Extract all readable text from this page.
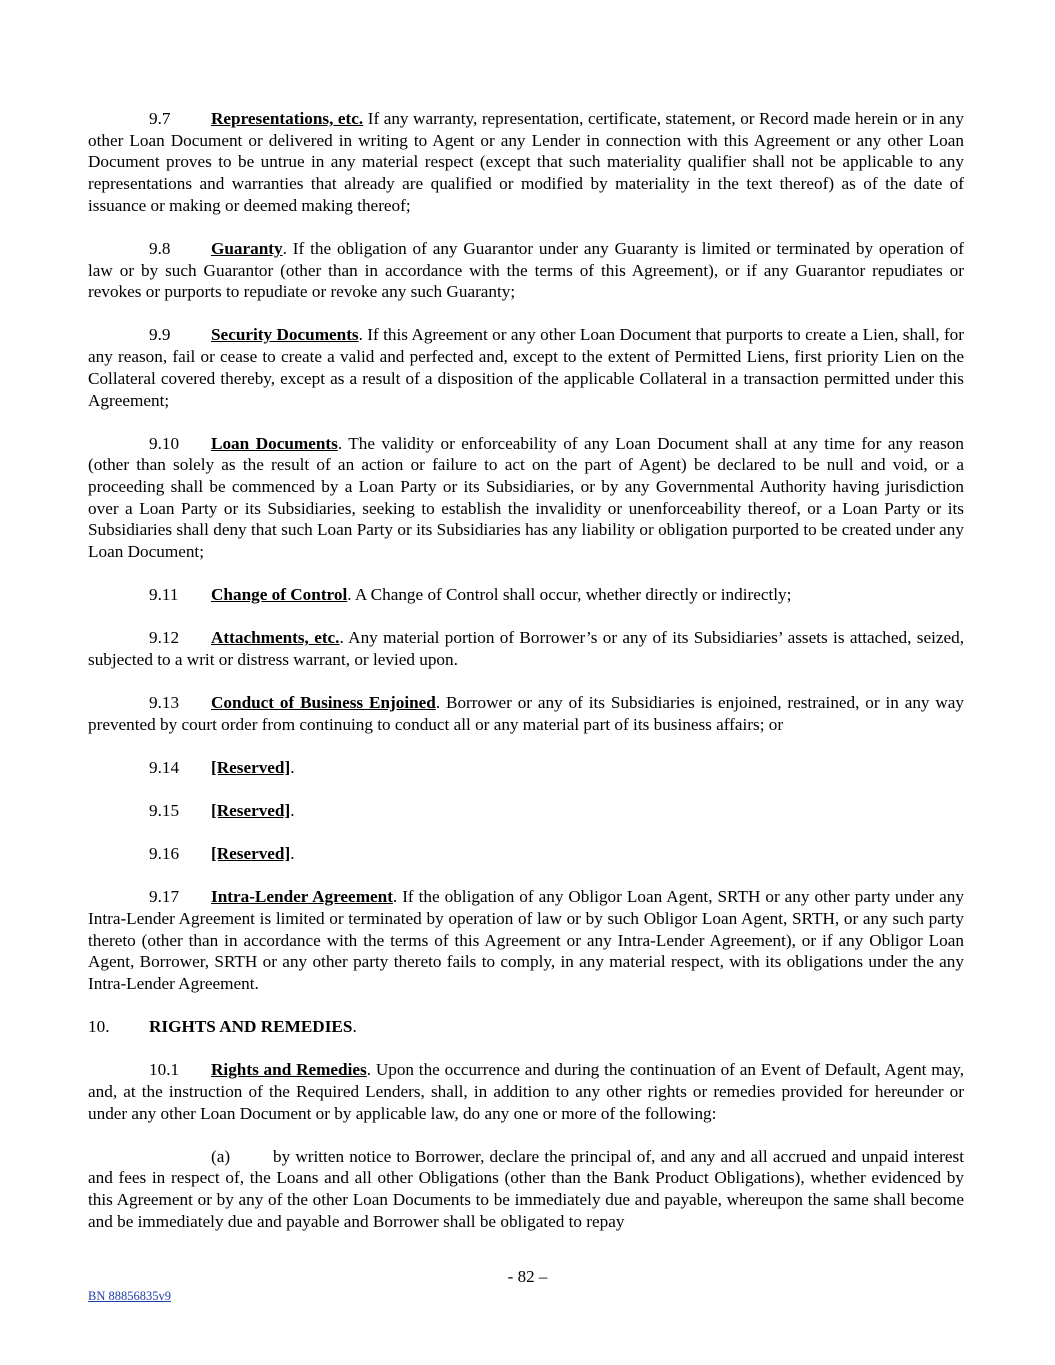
9.7 Representations, etc. If any warranty, representation, certificate, statement, or Record made herein or in any other Loan Document or delivered in writing to Agent or any Lender in connection with this Agreement or any other Loan Document proves to be untrue in any material respect (except that such materiality qualifier shall not be applicable to any representations and warranties that already are qualified or modified by materiality in the text thereof) as of the date of issuance or making or deemed making thereof;

9.8 Guaranty. If the obligation of any Guarantor under any Guaranty is limited or terminated by operation of law or by such Guarantor (other than in accordance with the terms of this Agreement), or if any Guarantor repudiates or revokes or purports to repudiate or revoke any such Guaranty;

9.9 Security Documents. If this Agreement or any other Loan Document that purports to create a Lien, shall, for any reason, fail or cease to create a valid and perfected and, except to the extent of Permitted Liens, first priority Lien on the Collateral covered thereby, except as a result of a disposition of the applicable Collateral in a transaction permitted under this Agreement;

9.10 Loan Documents. The validity or enforceability of any Loan Document shall at any time for any reason (other than solely as the result of an action or failure to act on the part of Agent) be declared to be null and void, or a proceeding shall be commenced by a Loan Party or its Subsidiaries, or by any Governmental Authority having jurisdiction over a Loan Party or its Subsidiaries, seeking to establish the invalidity or unenforceability thereof, or a Loan Party or its Subsidiaries shall deny that such Loan Party or its Subsidiaries has any liability or obligation purported to be created under any Loan Document;

9.11 Change of Control. A Change of Control shall occur, whether directly or indirectly;

9.12 Attachments, etc.. Any material portion of Borrower’s or any of its Subsidiaries’ assets is attached, seized, subjected to a writ or distress warrant, or levied upon.

9.13 Conduct of Business Enjoined. Borrower or any of its Subsidiaries is enjoined, restrained, or in any way prevented by court order from continuing to conduct all or any material part of its business affairs; or

9.14 [Reserved].

9.15 [Reserved].

9.16 [Reserved].

9.17 Intra-Lender Agreement. If the obligation of any Obligor Loan Agent, SRTH or any other party under any Intra-Lender Agreement is limited or terminated by operation of law or by such Obligor Loan Agent, SRTH, or any such party thereto (other than in accordance with the terms of this Agreement or any Intra-Lender Agreement), or if any Obligor Loan Agent, Borrower, SRTH or any other party thereto fails to comply, in any material respect, with its obligations under the any Intra-Lender Agreement.

10. RIGHTS AND REMEDIES.

10.1 Rights and Remedies. Upon the occurrence and during the continuation of an Event of Default, Agent may, and, at the instruction of the Required Lenders, shall, in addition to any other rights or remedies provided for hereunder or under any other Loan Document or by applicable law, do any one or more of the following:

(a) by written notice to Borrower, declare the principal of, and any and all accrued and unpaid interest and fees in respect of, the Loans and all other Obligations (other than the Bank Product Obligations), whether evidenced by this Agreement or by any of the other Loan Documents to be immediately due and payable, whereupon the same shall become and be immediately due and payable and Borrower shall be obligated to repay

- 82 –
BN 88856835v9
